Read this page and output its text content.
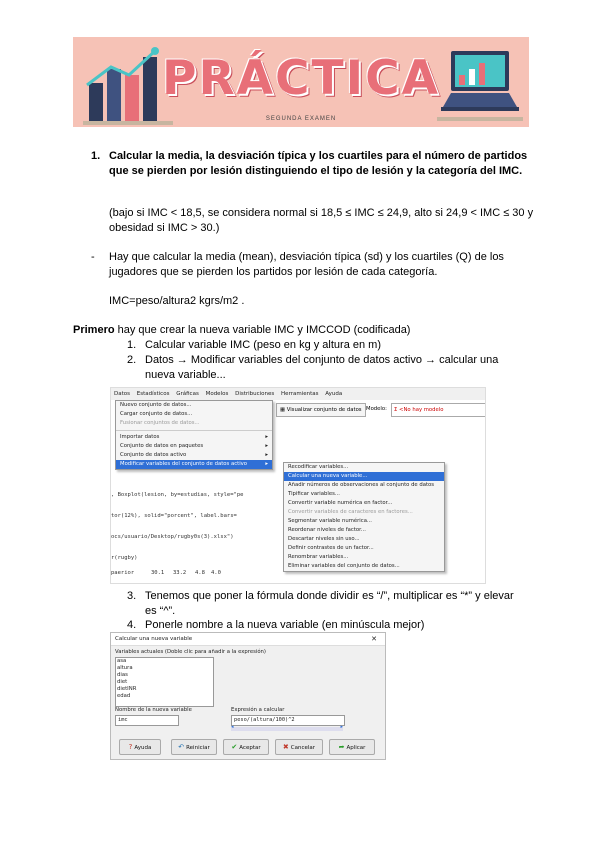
PRÁCTICA
SEGUNDA EXAMEN
1. Calcular la media, la desviación típica y los cuartiles para el número de partidos que se pierden por lesión distinguiendo el tipo de lesión y la categoría del IMC.
(bajo si IMC < 18,5, se considera normal si 18,5 ≤ IMC ≤ 24,9, alto si 24,9 < IMC ≤ 30 y obesidad si IMC > 30.)
- Hay que calcular la media (mean), desviación típica (sd) y los cuartiles (Q) de los jugadores que se pierden los partidos por lesión de cada categoría.
IMC=peso/altura2 kgrs/m2 .
Primero hay que crear la nueva variable IMC y IMCCOD (codificada)
1. Calcular variable IMC (peso en kg y altura en m)
2. Datos → Modificar variables del conjunto de datos activo → calcular una nueva variable...
Datos Estadísticos Gráficas Modelos Distribuciones Herramientas Ayuda
▦ Visualizar conjunto de datos Modelo:	Σ <No hay modelo

, Boxplot(lesion, by=estudias, style="pe

tor(12%), solid="porcent", label.bars=

ocs/usuario/Desktop/rugby0s(3).xlsx")

r(rugby)

paerior	30.1 33.2 4.8 4.0

Nuevo conjunto de datos...
Cargar conjunto de datos...
Fusionar conjuntos de datos...
Importar datos	▸
Conjunto de datos en paquetes	▸
Conjunto de datos activo	▸
Modificar variables del conjunto de datos activo	▸	Recodificar variables...
Calcular una nueva variable...
Añadir números de observaciones al conjunto de datos
Tipificar variables...
Convertir variable numérica en factor...
Convertir variables de caracteres en factores...
Segmentar variable numérica...
Reordenar niveles de factor...
Descartar niveles sin uso...
Definir contrastes de un factor...
Renombrar variables...
Eliminar variables del conjunto de datos...
3. Tenemos que poner la fórmula donde dividir es “/”, multiplicar es “*” y elevar es “^”.
4. Ponerle nombre a la nueva variable (en minúscula mejor)
Calcular una nueva variable	✕
Variables actuales (Doble clic para añadir a la expresión)
asa
altura
dias
diet
dietINR
edad
Nombre de la nueva variable
imc
Expresión a calcular
peso/(altura/100)^2
◂	▸
? Ayuda	↶ Reiniciar	✔ Aceptar	✖ Cancelar	➦ Aplicar
